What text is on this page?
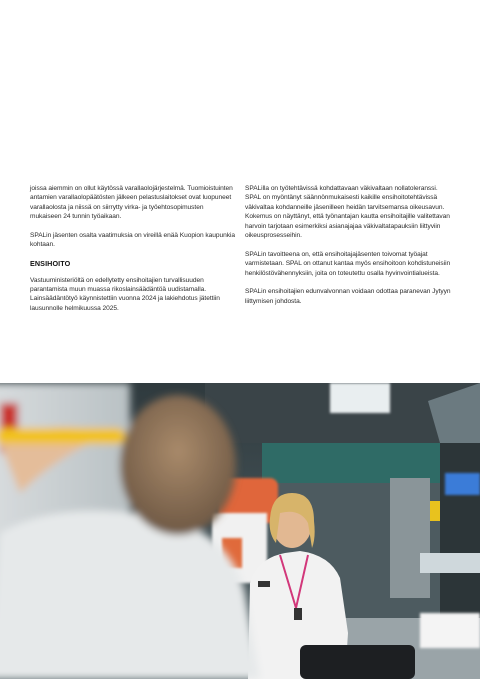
joissa aiemmin on ollut käytössä varallaolojärjestelmä. Tuomioistuinten antamien varallaolopäätösten jälkeen pelastuslaitokset ovat luopuneet varallaolosta ja niissä on siirrytty virka- ja työehtosopimusten mukaiseen 24 tunnin työaikaan.

SPALin jäsenten osalta vaatimuksia on vireillä enää Kuopion kaupunkia kohtaan.

ENSIHOITO

Vastuuministeriöltä on edellytetty ensihoitajien turvallisuuden parantamista muun muassa rikoslainsäädäntöä uudistamalla. Lainsäädäntötyö käynnistettiin vuonna 2024 ja lakiehdotus jätettiin lausunnolle helmikuussa 2025.

SPALilla on työtehtävissä kohdattavaan väkivaltaan nollatoleranssi. SPAL on myöntänyt säännönmukaisesti kaikille ensihoitotehtävissä väkivaltaa kohdanneille jäsenilleen heidän tarvitsemansa oikeusavun. Kokemus on näyttänyt, että työnantajan kautta ensihoitajille valitettavan harvoin tarjotaan esimerkiksi asianajajaa väkivaltatapauksiin liittyviin oikeusprosesseihin.

SPALin tavoitteena on, että ensihoitajajäsenten toivomat työajat varmistetaan. SPAL on ottanut kantaa myös ensihoitoon kohdistuneisiin henkilöstövähennyksiin, joita on toteutettu osalla hyvinvointialueista.

SPALin ensihoitajien edunvalvonnan voidaan odottaa paranevan Jytyyn liittymisen johdosta.
